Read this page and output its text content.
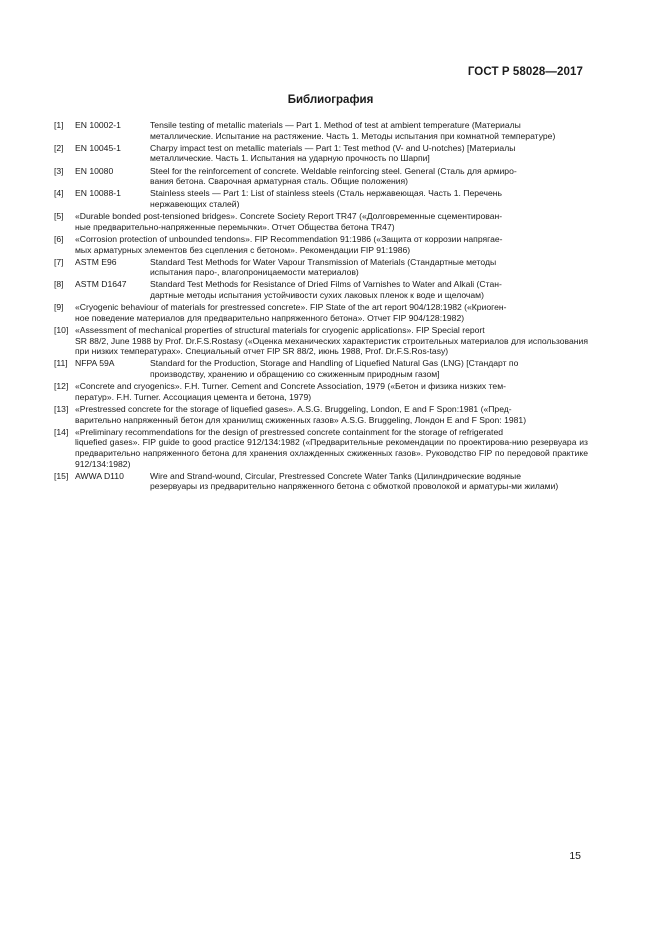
ГОСТ Р 58028—2017
Библиография
[1] EN 10002-1	Tensile testing of metallic materials — Part 1. Method of test at ambient temperature (Материалы
металлические. Испытание на растяжение. Часть 1. Методы испытания при комнатной температуре)
[2] EN 10045-1	Charpy impact test on metallic materials — Part 1: Test method (V- and U-notches) [Материалы
металлические. Часть 1. Испытания на ударную прочность по Шарпи]
[3] EN 10080	Steel for the reinforcement of concrete. Weldable reinforcing steel. General (Сталь для армиро-
вания бетона. Сварочная арматурная сталь. Общие положения)
[4] EN 10088-1	Stainless steels — Part 1: List of stainless steels (Сталь нержавеющая. Часть 1. Перечень
нержавеющих сталей)
[5] «Durable bonded post-tensioned bridges». Concrete Society Report TR47 («Долговременные сцементирован-
ные предварительно-напряженные перемычки». Отчет Общества бетона TR47)
[6] «Corrosion protection of unbounded tendons». FIP Recommendation 91:1986 («Защита от коррозии напрягае-
мых арматурных элементов без сцепления с бетоном». Рекомендации FIP 91:1986)
[7] ASTM E96	Standard Test Methods for Water Vapour Transmission of Materials (Стандартные методы
испытания паро-, влагопроницаемости материалов)
[8] ASTM D1647	Standard Test Methods for Resistance of Dried Films of Varnishes to Water and Alkali (Стан-
дартные методы испытания устойчивости сухих лаковых пленок к воде и щелочам)
[9] «Cryogenic behaviour of materials for prestressed concrete». FIP State of the art report 904/128:1982 («Криоген-
ное поведение материалов для предварительно напряженного бетона». Отчет FIP 904/128:1982)
[10] «Assessment of mechanical properties of structural materials for cryogenic applications». FIP Special report
SR 88/2, June 1988 by Prof. Dr.F.S.Rostasy («Оценка механических характеристик строительных материалов для использования при низких температурах». Специальный отчет FIP SR 88/2, июнь 1988, Prof. Dr.F.S.Ros-tasy)
[11] NFPA 59A	Standard for the Production, Storage and Handling of Liquefied Natural Gas (LNG) [Стандарт по
производству, хранению и обращению со сжиженным природным газом]
[12] «Concrete and cryogenics». F.H. Turner. Cement and Concrete Association, 1979 («Бетон и физика низких тем-
ператур». F.H. Turner. Ассоциация цемента и бетона, 1979)
[13] «Prestressed concrete for the storage of liquefied gases». A.S.G. Bruggeling, London, E and F Spon:1981 («Пред-
варительно напряженный бетон для хранилищ сжиженных газов» A.S.G. Bruggeling, Лондон E and F Spon: 1981)
[14] «Preliminary recommendations for the design of prestressed concrete containment for the storage of refrigerated
liquefied gases». FIP guide to good practice 912/134:1982 («Предварительные рекомендации по проектирова-нию резервуара из предварительно напряженного бетона для хранения охлажденных сжиженных газов». Руководство FIP по передовой практике 912/134:1982)
[15] AWWA D110	Wire and Strand-wound, Circular, Prestressed Concrete Water Tanks (Цилиндрические водяные
резервуары из предварительно напряженного бетона с обмоткой проволокой и арматуры-ми жилами)
15
